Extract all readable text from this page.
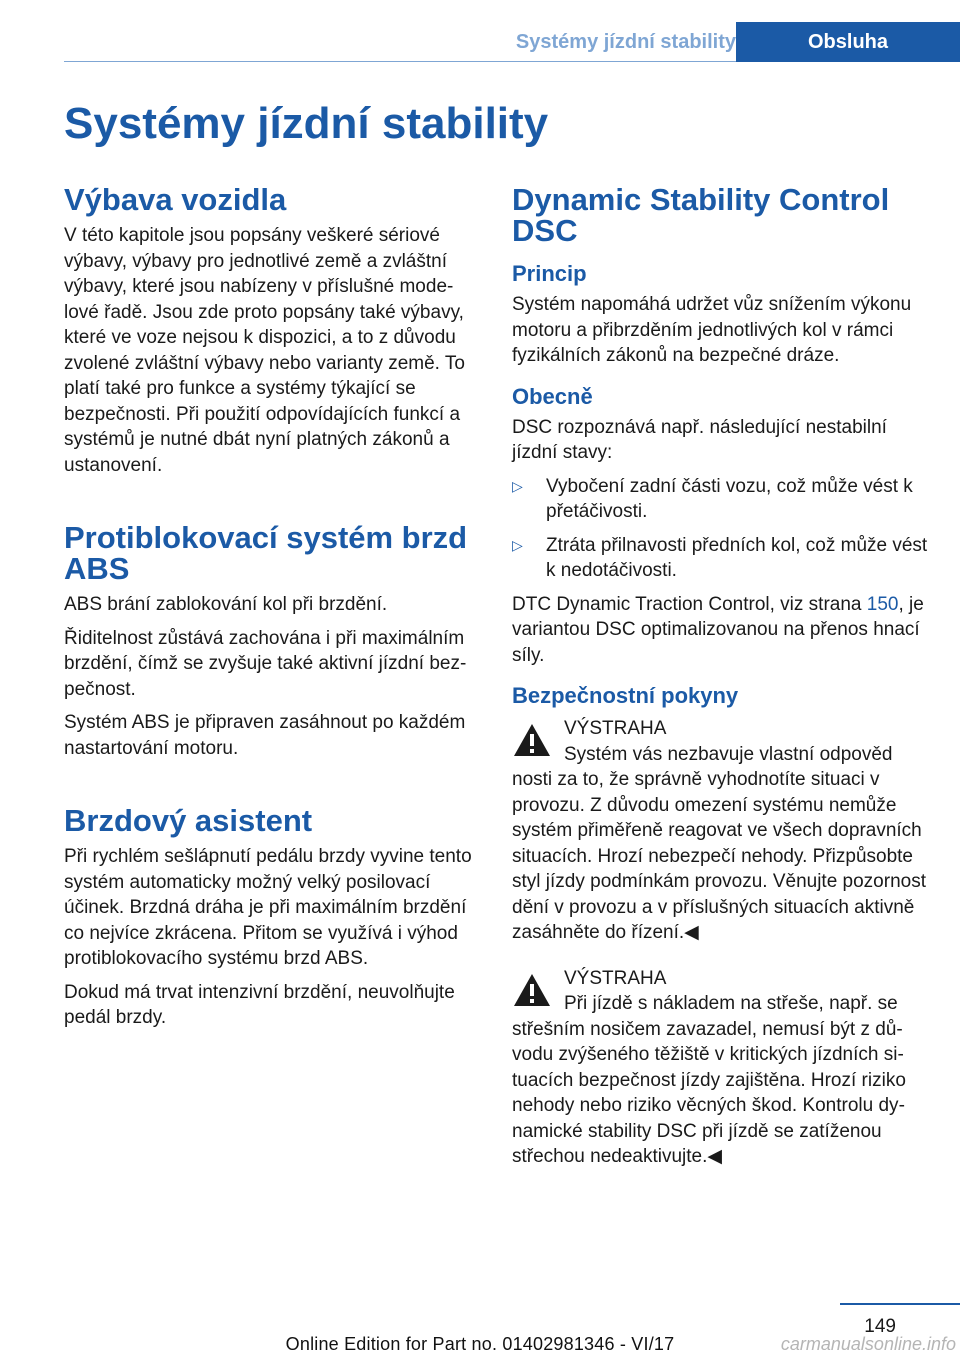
Systémy jízdní stability	Obsluha
Systémy jízdní stability
Výbava vozidla

V této kapitole jsou popsány veškeré sériové výbavy, výbavy pro jednotlivé země a zvláštní výbavy, které jsou nabízeny v příslušné modelové řadě. Jsou zde proto popsány také výbavy, které ve voze nejsou k dispozici, a to z důvodu zvolené zvláštní výbavy nebo varianty země. To platí také pro funkce a systémy týkající se bezpečnosti. Při použití odpovídajících funkcí a systémů je nutné dbát nyní platných zákonů a ustanovení.

Protiblokovací systém brzd ABS

ABS brání zablokování kol při brzdění.

Řiditelnost zůstává zachována i při maximálním brzdění, čímž se zvyšuje také aktivní jízdní bezpečnost.

Systém ABS je připraven zasáhnout po každém nastartování motoru.

Brzdový asistent

Při rychlém sešlápnutí pedálu brzdy vyvine tento systém automaticky možný velký posilovací účinek. Brzdná dráha je při maximálním brzdění co nejvíce zkrácena. Přitom se využívá i výhod protiblokovacího systému brzd ABS.

Dokud má trvat intenzivní brzdění, neuvolňujte pedál brzdy.

Dynamic Stability Control DSC
Princip

Systém napomáhá udržet vůz snížením výkonu motoru a přibrzděním jednotlivých kol v rámci fyzikálních zákonů na bezpečné dráze.

Obecně

DSC rozpoznává např. následující nestabilní jízdní stavy:

▷ Vybočení zadní části vozu, což může vést k přetáčivosti.
▷ Ztráta přilnavosti předních kol, což může vést k nedotáčivosti.

DTC Dynamic Traction Control, viz strana 150, je variantou DSC optimalizovanou na přenos hnací síly.

Bezpečnostní pokyny
VÝSTRAHA
Systém vás nezbavuje vlastní odpověd
nosti za to, že správně vyhodnotíte situaci v provozu. Z důvodu omezení systému nemůže systém přiměřeně reagovat ve všech dopravních situacích. Hrozí nebezpečí nehody. Přizpůsobte styl jízdy podmínkám provozu. Věnujte pozornost dění v provozu a v příslušných situacích aktivně zasáhněte do řízení.◀
VÝSTRAHA
Při jízdě s nákladem na střeše, např. se
střešním nosičem zavazadel, nemusí být z důvodu zvýšeného těžiště v kritických jízdních situacích bezpečnost jízdy zajištěna. Hrozí riziko nehody nebo riziko věcných škod. Kontrolu dynamické stability DSC při jízdě se zatíženou střechou nedeaktivujte.◀
149
Online Edition for Part no. 01402981346 - VI/17	carmanualsonline.info
